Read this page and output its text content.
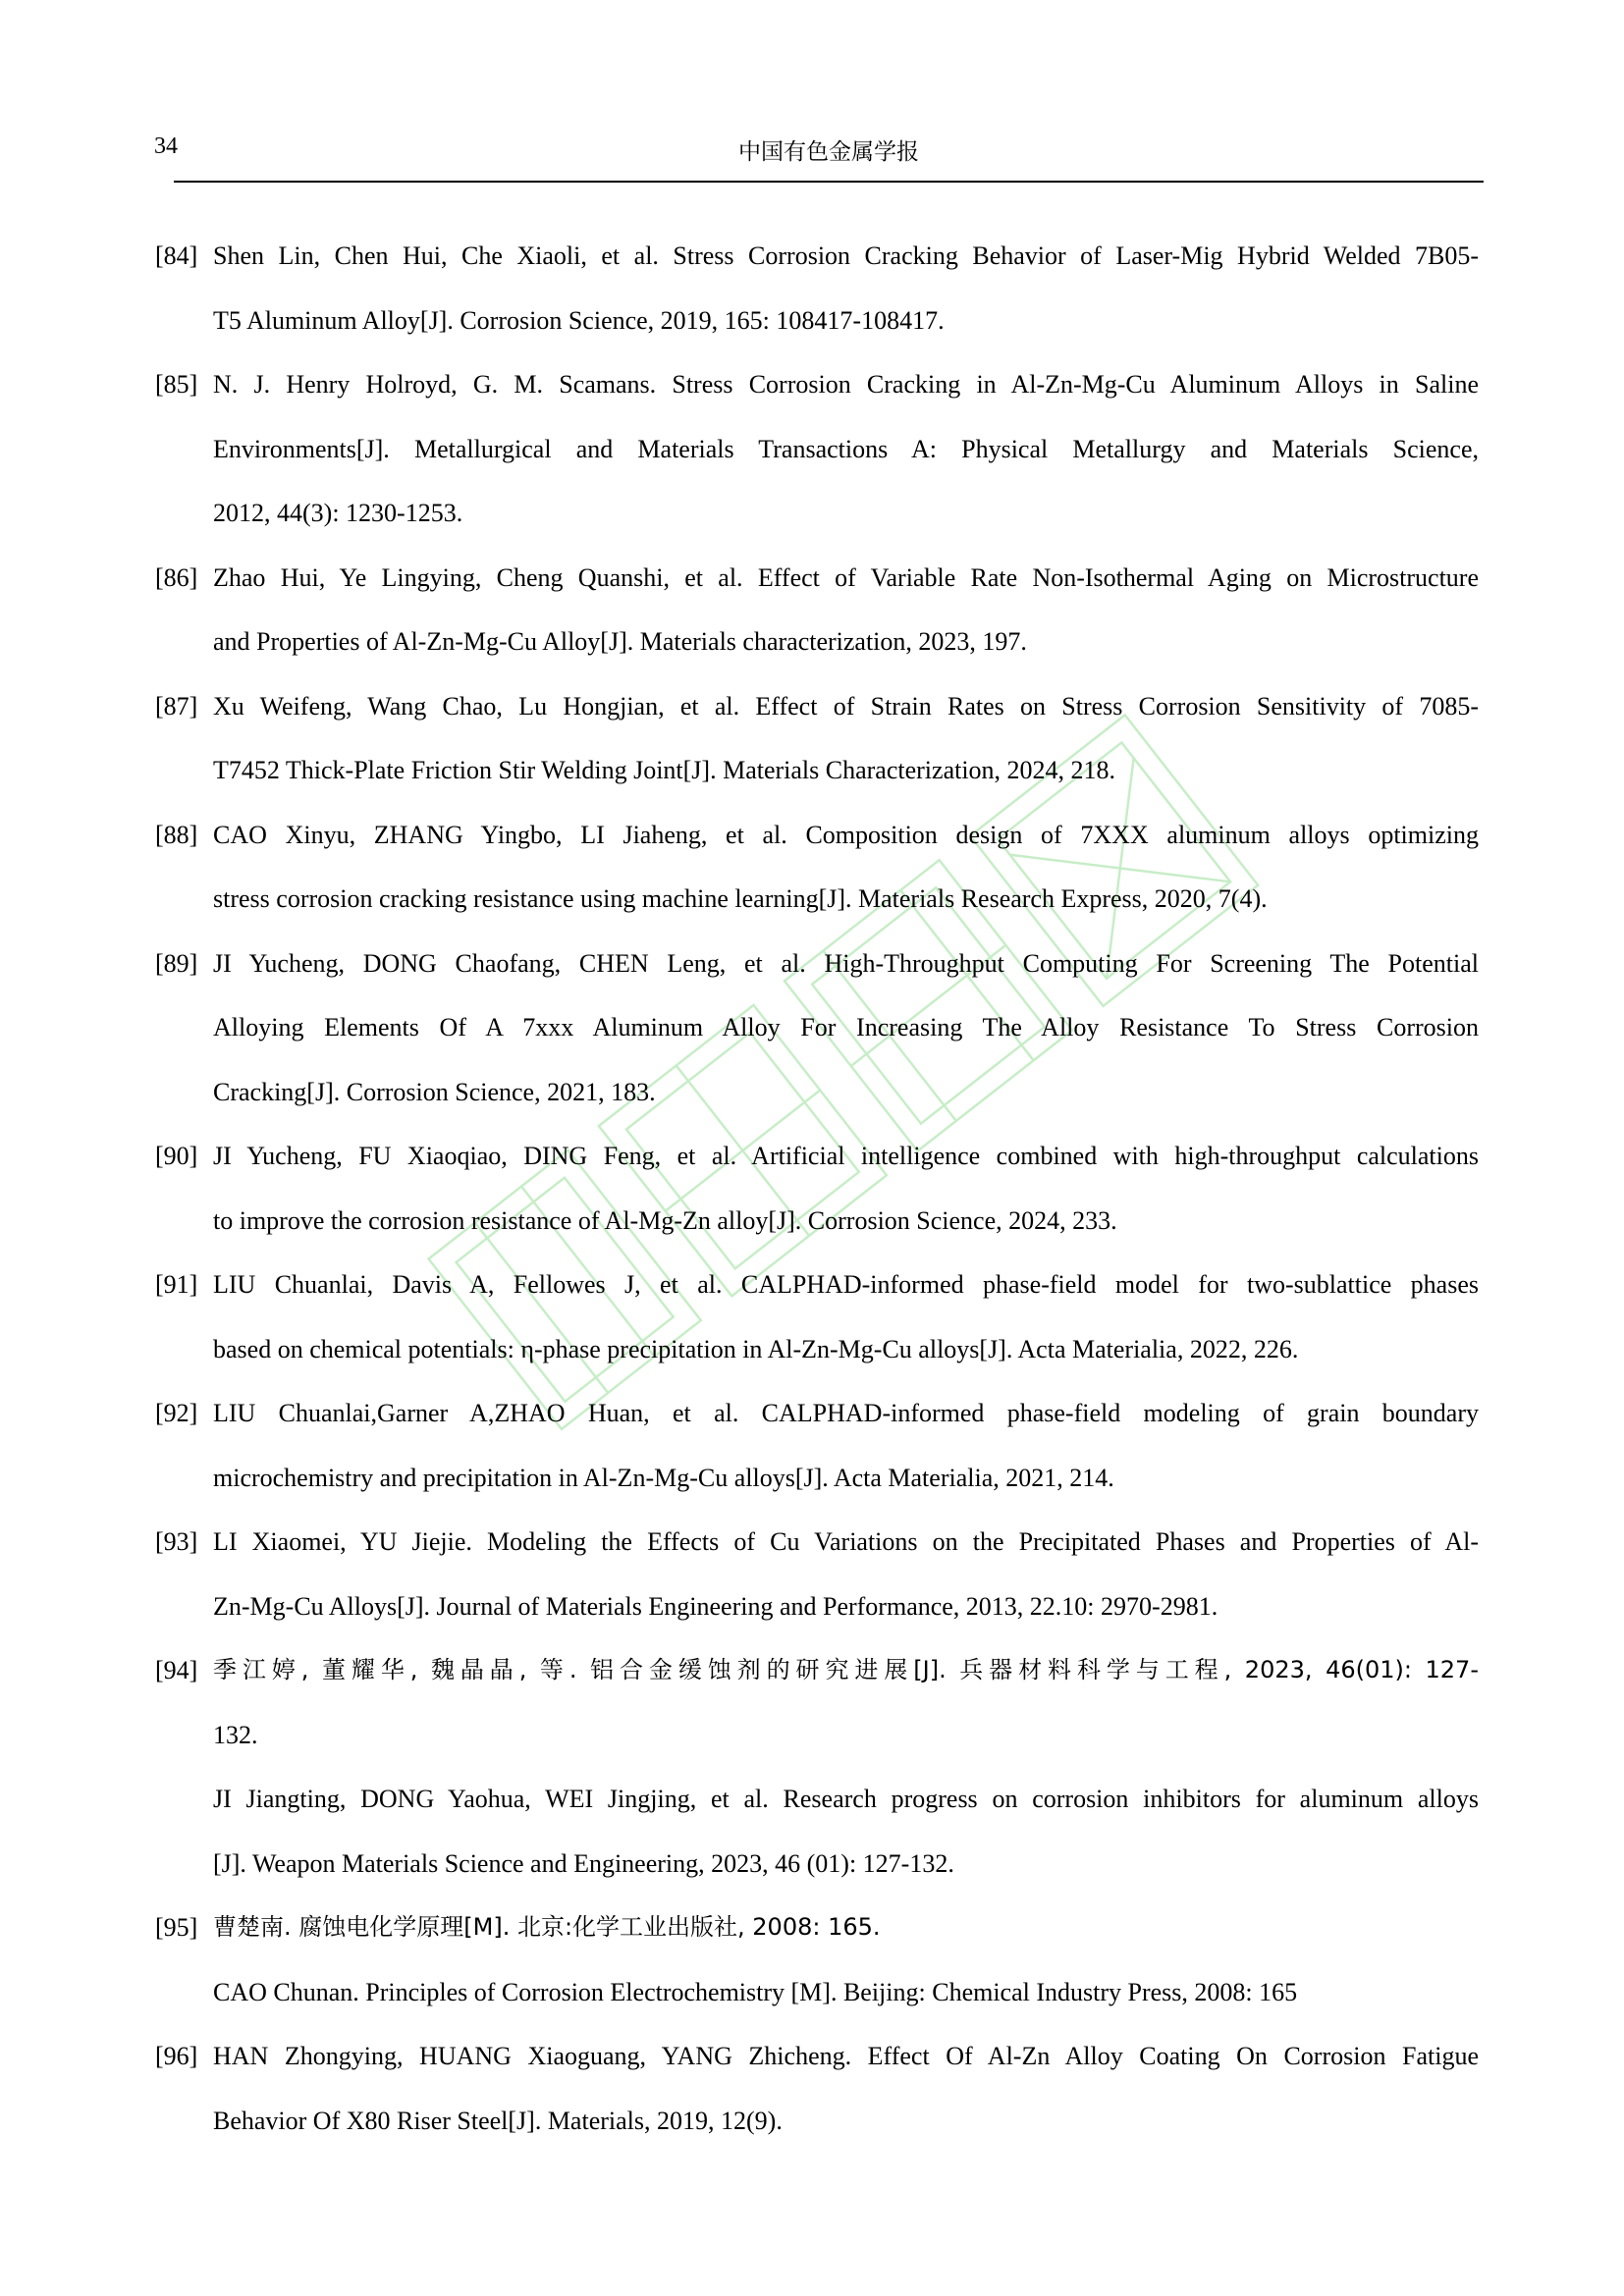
34	中国有色金属学报
[84] Shen Lin, Chen Hui, Che Xiaoli, et al. Stress Corrosion Cracking Behavior of Laser-Mig Hybrid Welded 7B05-
T5 Aluminum Alloy[J]. Corrosion Science, 2019, 165: 108417-108417.
[85] N. J. Henry Holroyd, G. M. Scamans. Stress Corrosion Cracking in Al-Zn-Mg-Cu Aluminum Alloys in Saline
Environments[J]. Metallurgical and Materials Transactions A: Physical Metallurgy and Materials Science,
2012, 44(3): 1230-1253.
[86] Zhao Hui, Ye Lingying, Cheng Quanshi, et al. Effect of Variable Rate Non-Isothermal Aging on Microstructure
and Properties of Al-Zn-Mg-Cu Alloy[J]. Materials characterization, 2023, 197.
[87] Xu Weifeng, Wang Chao, Lu Hongjian, et al. Effect of Strain Rates on Stress Corrosion Sensitivity of 7085-
T7452 Thick-Plate Friction Stir Welding Joint[J]. Materials Characterization, 2024, 218.
[88] CAO Xinyu, ZHANG Yingbo, LI Jiaheng, et al. Composition design of 7XXX aluminum alloys optimizing
stress corrosion cracking resistance using machine learning[J]. Materials Research Express, 2020, 7(4).
[89] JI Yucheng, DONG Chaofang, CHEN Leng, et al. High-Throughput Computing For Screening The Potential
Alloying Elements Of A 7xxx Aluminum Alloy For Increasing The Alloy Resistance To Stress Corrosion
Cracking[J]. Corrosion Science, 2021, 183.
[90] JI Yucheng, FU Xiaoqiao, DING Feng, et al. Artificial intelligence combined with high-throughput calculations
to improve the corrosion resistance of Al-Mg-Zn alloy[J]. Corrosion Science, 2024, 233.
[91] LIU Chuanlai, Davis A, Fellowes J, et al. CALPHAD-informed phase-field model for two-sublattice phases
based on chemical potentials: η-phase precipitation in Al-Zn-Mg-Cu alloys[J]. Acta Materialia, 2022, 226.
[92] LIU Chuanlai,Garner A,ZHAO Huan, et al. CALPHAD-informed phase-field modeling of grain boundary
microchemistry and precipitation in Al-Zn-Mg-Cu alloys[J]. Acta Materialia, 2021, 214.
[93] LI Xiaomei, YU Jiejie. Modeling the Effects of Cu Variations on the Precipitated Phases and Properties of Al-
Zn-Mg-Cu Alloys[J]. Journal of Materials Engineering and Performance, 2013, 22.10: 2970-2981.
[94] 季江婷, 董耀华, 魏晶晶, 等. 铝合金缓蚀剂的研究进展[J]. 兵器材料科学与工程, 2023, 46(01): 127-
132.
JI Jiangting, DONG Yaohua, WEI Jingjing, et al. Research progress on corrosion inhibitors for aluminum alloys
[J]. Weapon Materials Science and Engineering, 2023, 46 (01): 127-132.
[95] 曹楚南. 腐蚀电化学原理[M]. 北京:化学工业出版社, 2008: 165.
CAO Chunan. Principles of Corrosion Electrochemistry [M]. Beijing: Chemical Industry Press, 2008: 165
[96] HAN Zhongying, HUANG Xiaoguang, YANG Zhicheng. Effect Of Al-Zn Alloy Coating On Corrosion Fatigue
Behavior Of X80 Riser Steel[J]. Materials, 2019, 12(9).
